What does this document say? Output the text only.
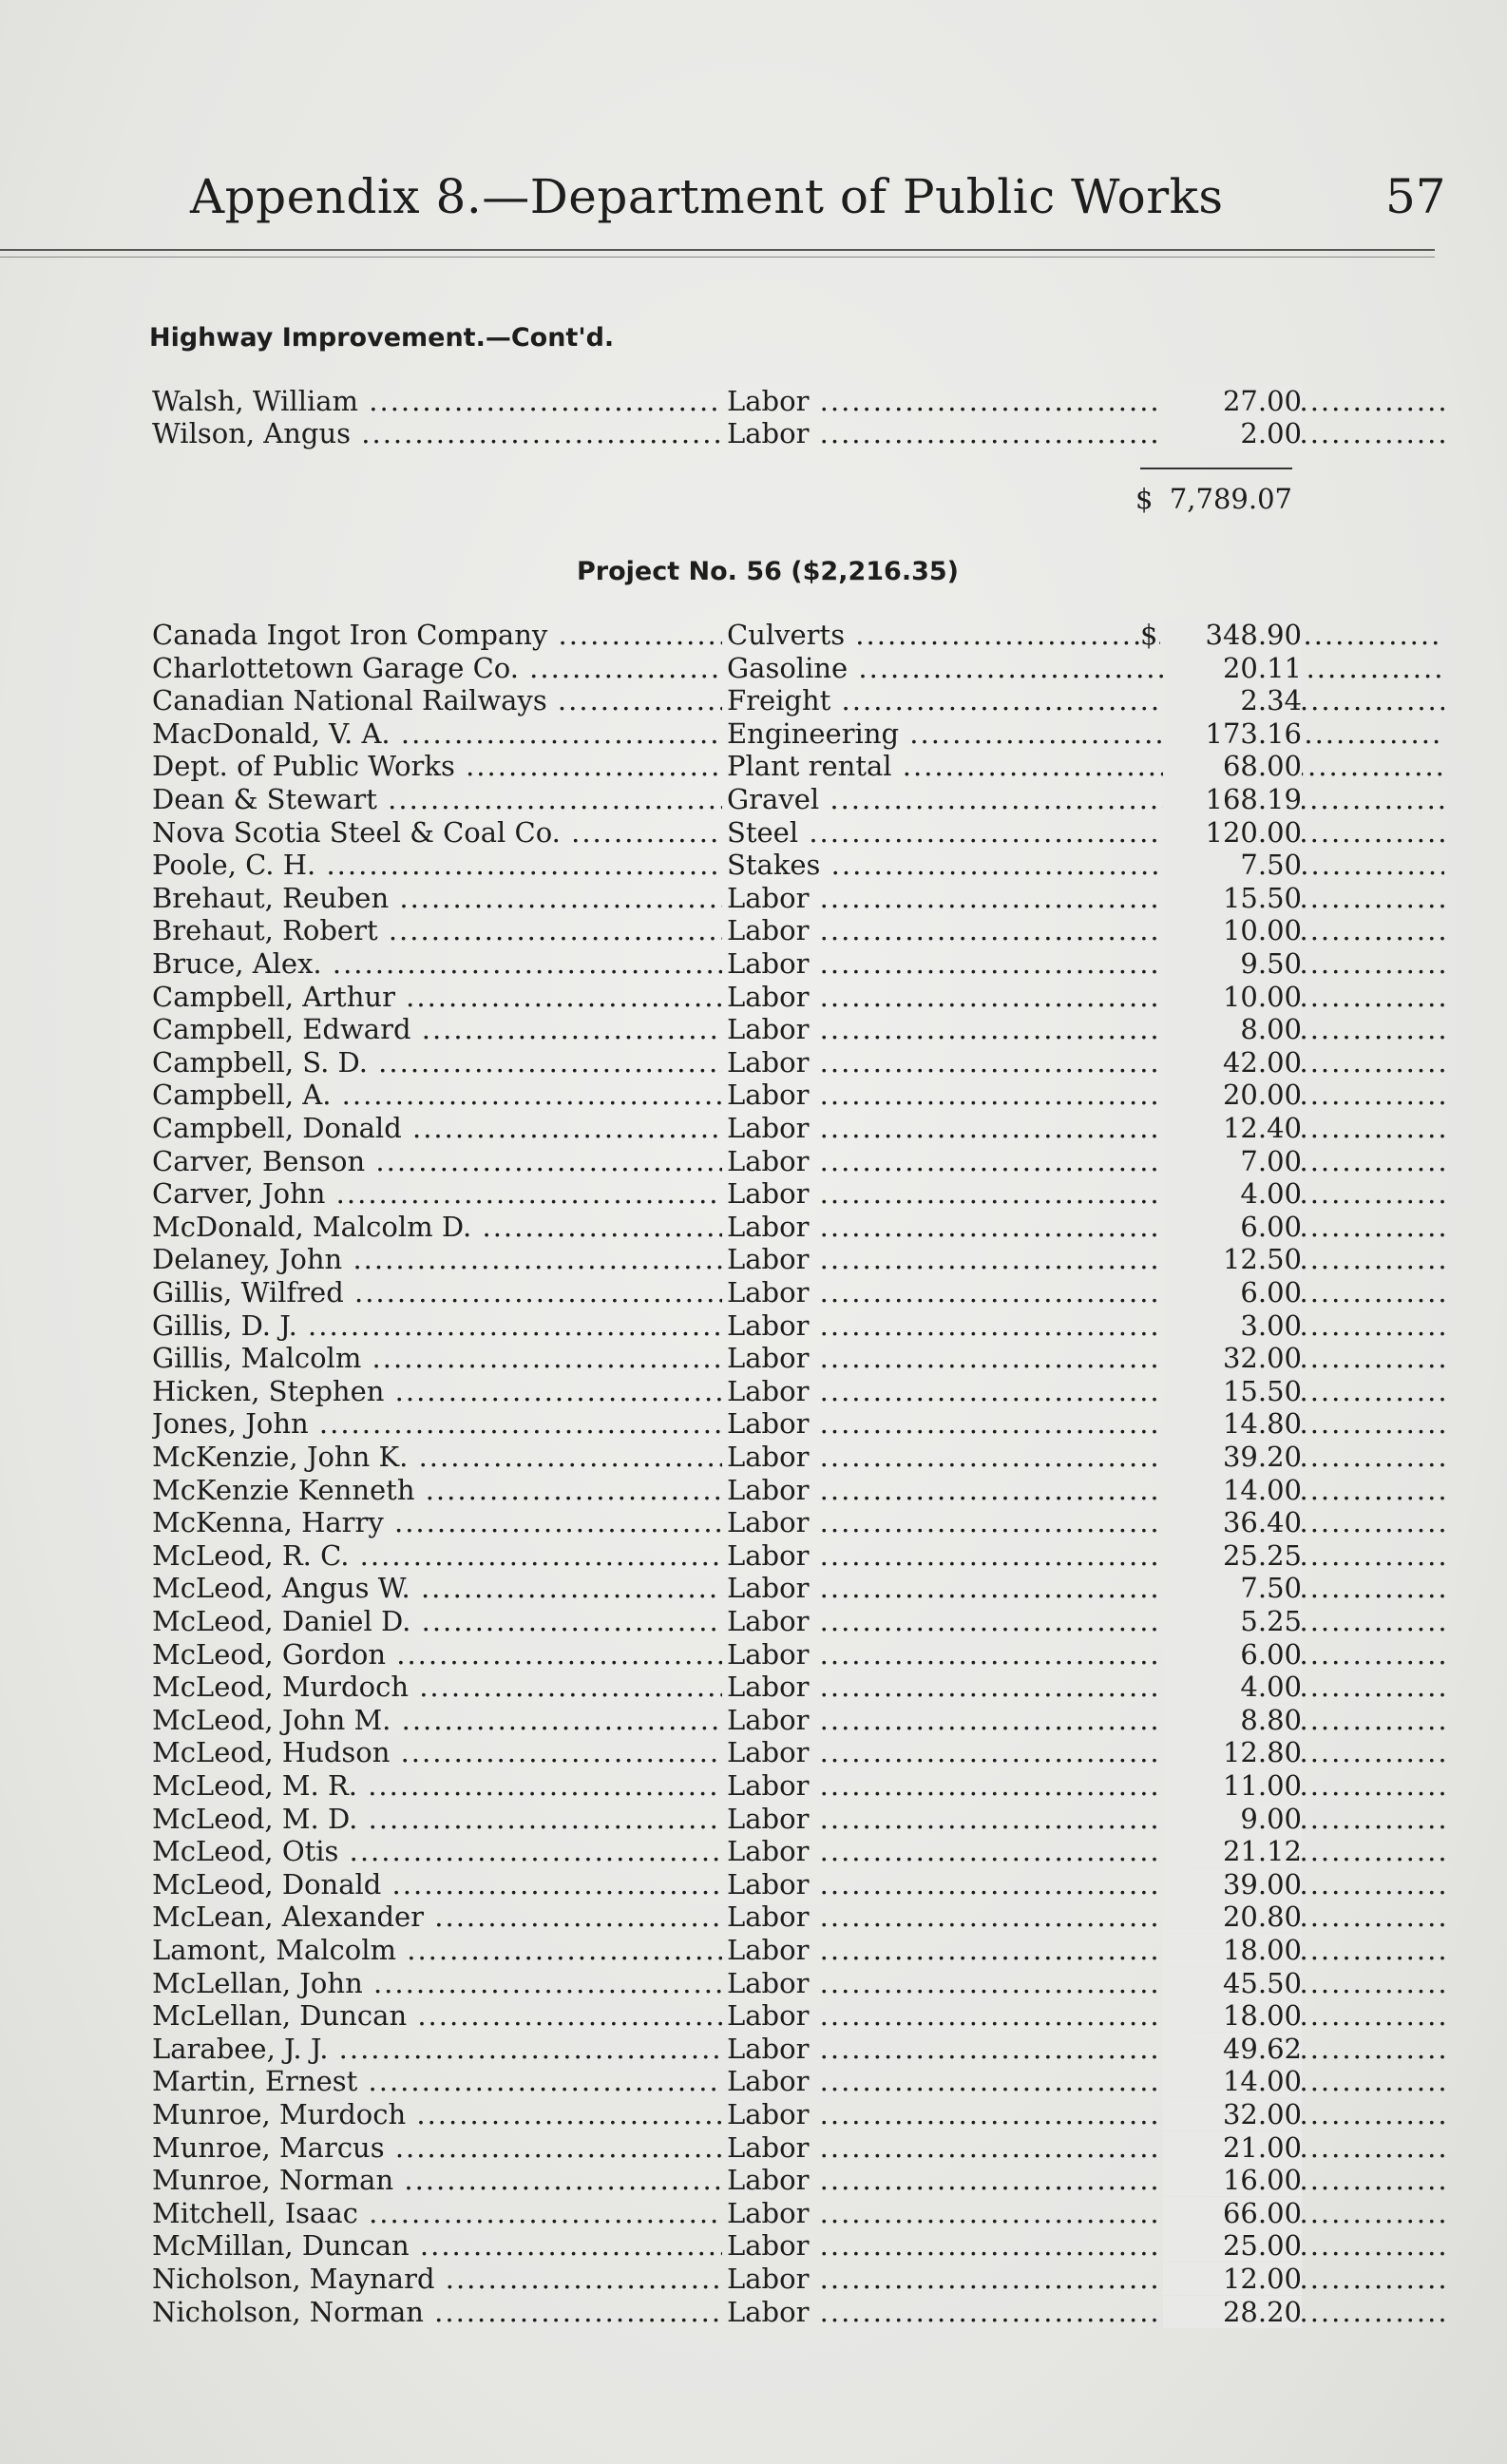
Appendix 8.—Department of Public Works	57
Highway Improvement.—Cont'd.
Walsh, William .....	Labor .....	27.00
Wilson, Angus .....	Labor .....	2.00
$ 7,789.07
Project No. 56 ($2,216.35)
Canada Ingot Iron Company .....	Culverts .....	$	348.90
Charlottetown Garage Co. .....	Gasoline .....	20.11
Canadian National Railways .....	Freight .....	2.34
MacDonald, V. A. .....	Engineering .....	173.16
Dept. of Public Works .....	Plant rental .....	68.00
Dean & Stewart .....	Gravel .....	168.19
Nova Scotia Steel & Coal Co. .....	Steel .....	120.00
Poole, C. H. .....	Stakes .....	7.50
Brehaut, Reuben .....	Labor .....	15.50
Brehaut, Robert .....	Labor .....	10.00
Bruce, Alex. .....	Labor .....	9.50
Campbell, Arthur .....	Labor .....	10.00
Campbell, Edward .....	Labor .....	8.00
Campbell, S. D. .....	Labor .....	42.00
Campbell, A. .....	Labor .....	20.00
Campbell, Donald .....	Labor .....	12.40
Carver, Benson .....	Labor .....	7.00
Carver, John .....	Labor .....	4.00
McDonald, Malcolm D. .....	Labor .....	6.00
Delaney, John .....	Labor .....	12.50
Gillis, Wilfred .....	Labor .....	6.00
Gillis, D. J. .....	Labor .....	3.00
Gillis, Malcolm .....	Labor .....	32.00
Hicken, Stephen .....	Labor .....	15.50
Jones, John .....	Labor .....	14.80
McKenzie, John K. .....	Labor .....	39.20
McKenzie Kenneth .....	Labor .....	14.00
McKenna, Harry .....	Labor .....	36.40
McLeod, R. C. .....	Labor .....	25.25
McLeod, Angus W. .....	Labor .....	7.50
McLeod, Daniel D. .....	Labor .....	5.25
McLeod, Gordon .....	Labor .....	6.00
McLeod, Murdoch .....	Labor .....	4.00
McLeod, John M. .....	Labor .....	8.80
McLeod, Hudson .....	Labor .....	12.80
McLeod, M. R. .....	Labor .....	11.00
McLeod, M. D. .....	Labor .....	9.00
McLeod, Otis .....	Labor .....	21.12
McLeod, Donald .....	Labor .....	39.00
McLean, Alexander .....	Labor .....	20.80
Lamont, Malcolm .....	Labor .....	18.00
McLellan, John .....	Labor .....	45.50
McLellan, Duncan .....	Labor .....	18.00
Larabee, J. J. .....	Labor .....	49.62
Martin, Ernest .....	Labor .....	14.00
Munroe, Murdoch .....	Labor .....	32.00
Munroe, Marcus .....	Labor .....	21.00
Munroe, Norman .....	Labor .....	16.00
Mitchell, Isaac .....	Labor .....	66.00
McMillan, Duncan .....	Labor .....	25.00
Nicholson, Maynard .....	Labor .....	12.00
Nicholson, Norman .....	Labor .....	28.20
